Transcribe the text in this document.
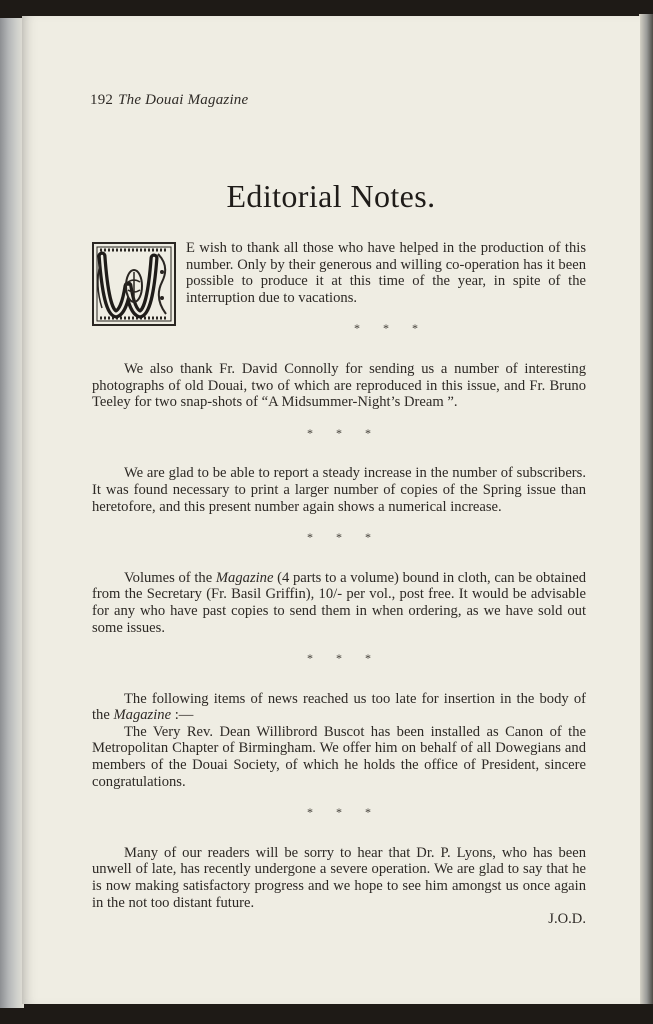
192 The Douai Magazine
Editorial Notes.

W E wish to thank all those who have helped in the production of this number. Only by their generous and willing co-operation has it been possible to produce it at this time of the year, in spite of the interruption due to vacations.

* * *

We also thank Fr. David Connolly for sending us a number of interesting photographs of old Douai, two of which are reproduced in this issue, and Fr. Bruno Teeley for two snap-shots of “A Midsummer-Night’s Dream ”.

* * *

We are glad to be able to report a steady increase in the number of subscribers. It was found necessary to print a larger number of copies of the Spring issue than heretofore, and this present number again shows a numerical increase.

* * *

Volumes of the Magazine (4 parts to a volume) bound in cloth, can be obtained from the Secretary (Fr. Basil Griffin), 10/- per vol., post free. It would be advisable for any who have past copies to send them in when ordering, as we have sold out some issues.

* * *

The following items of news reached us too late for insertion in the body of the Magazine :—

The Very Rev. Dean Willibrord Buscot has been installed as Canon of the Metropolitan Chapter of Birmingham. We offer him on behalf of all Dowegians and members of the Douai Society, of which he holds the office of President, sincere congratulations.

* * *

Many of our readers will be sorry to hear that Dr. P. Lyons, who has been unwell of late, has recently undergone a severe operation. We are glad to say that he is now making satisfactory progress and we hope to see him amongst us once again in the not too distant future.

J.O.D.
